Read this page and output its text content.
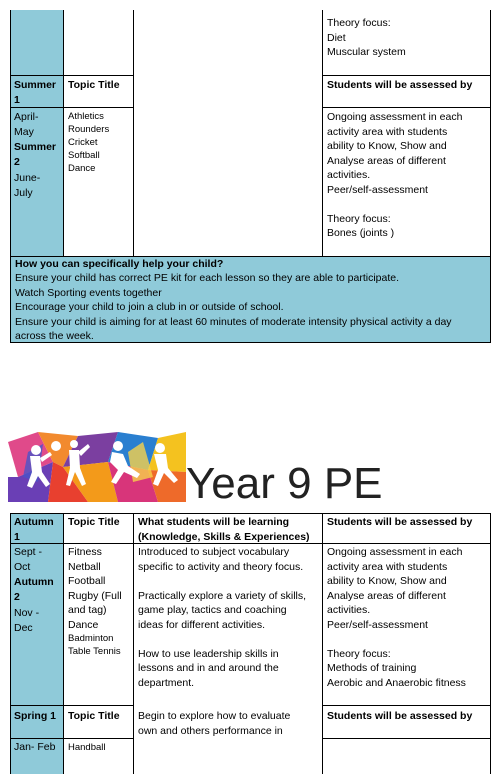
Theory focus:
Diet
Muscular system
Summer 1
Topic Title	Students will be assessed by
April-
May
Summer 2
June-
July
Athletics
Rounders
Cricket
Softball
Dance
Ongoing assessment in each
activity area with students
ability to Know, Show and
Analyse areas of different
activities.
Peer/self-assessment
Theory focus:
Bones (joints )
How you can specifically help your child?
Ensure your child has correct PE kit for each lesson so they are able to participate.
Watch Sporting events together
Encourage your child to join a club in or outside of school.
Ensure your child is aiming for at least 60 minutes of moderate intensity physical activity a day
across the week.
Year 9 PE
Autumn
1
Topic Title What students will be learning
(Knowledge, Skills & Experiences)
Students will be assessed by
Sept -
Oct
Autumn
2
Nov -
Dec
Fitness
Netball
Football
Rugby (Full
and tag)
Dance
Badminton
Table Tennis
Introduced to subject vocabulary
specific to activity and theory focus.
Practically explore a variety of skills,
game play, tactics and coaching
ideas for different activities.
How to use leadership skills in
lessons and in and around the
department.
Ongoing assessment in each
activity area with students
ability to Know, Show and
Analyse areas of different
activities.
Peer/self-assessment
Theory focus:
Methods of training
Aerobic and Anaerobic fitness
Spring 1 Topic Title Begin to explore how to evaluate
own and others performance in
Students will be assessed by
Jan- Feb Handball
